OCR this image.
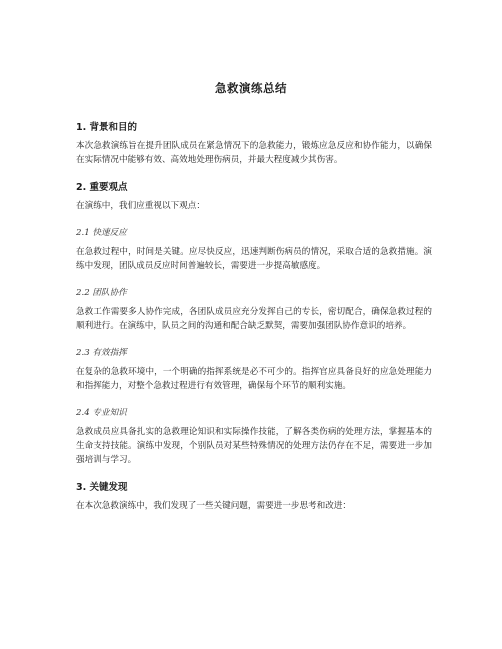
急救演练总结
1. 背景和目的
本次急救演练旨在提升团队成员在紧急情况下的急救能力，锻炼应急反应和协作能力，以确保在实际情况中能够有效、高效地处理伤病员，并最大程度减少其伤害。
2. 重要观点
在演练中，我们应重视以下观点：
2.1 快速反应
在急救过程中，时间是关键。应尽快反应，迅速判断伤病员的情况，采取合适的急救措施。演练中发现，团队成员反应时间普遍较长，需要进一步提高敏感度。
2.2 团队协作
急救工作需要多人协作完成，各团队成员应充分发挥自己的专长，密切配合，确保急救过程的顺利进行。在演练中，队员之间的沟通和配合缺乏默契，需要加强团队协作意识的培养。
2.3 有效指挥
在复杂的急救环境中，一个明确的指挥系统是必不可少的。指挥官应具备良好的应急处理能力和指挥能力，对整个急救过程进行有效管理，确保每个环节的顺利实施。
2.4 专业知识
急救成员应具备扎实的急救理论知识和实际操作技能，了解各类伤病的处理方法，掌握基本的生命支持技能。演练中发现，个别队员对某些特殊情况的处理方法仍存在不足，需要进一步加强培训与学习。
3. 关键发现
在本次急救演练中，我们发现了一些关键问题，需要进一步思考和改进：
